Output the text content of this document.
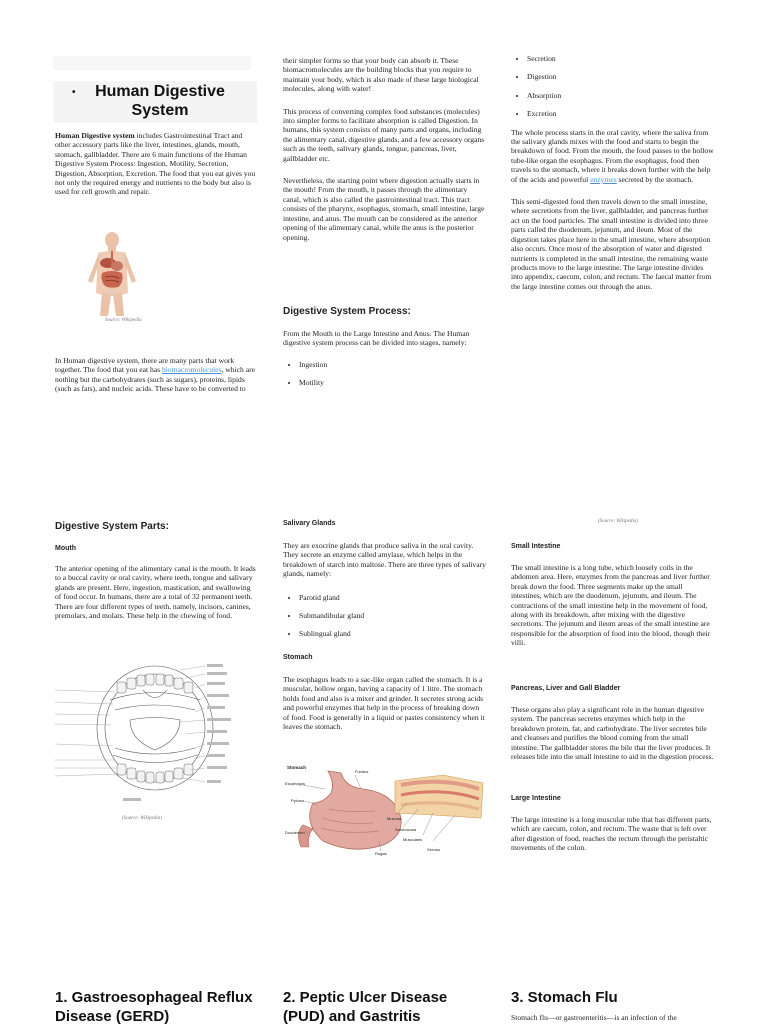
• Human Digestive System

Human Digestive system includes Gastrointestinal Tract and other accessory parts like the liver, intestines, glands, mouth, stomach, gallbladder. There are 6 main functions of the Human Digestive System Process: Ingestion, Motility, Secretion, Digestion, Absorption, Excretion. The food that you eat gives you not only the required energy and nutrients to the body but also is used for cell growth and repair.

Source: Wikipedia

In Human digestive system, there are many parts that work together. The food that you eat has biomacromolecules, which are nothing but the carbohydrates (such as sugars), proteins, lipids (such as fats), and nucleic acids. These have to be converted to

their simpler forms so that your body can absorb it. These biomacromolecules are the building blocks that you require to maintain your body, which is also made of these large biological molecules, along with water!

This process of converting complex food substances (molecules) into simpler forms to facilitate absorption is called Digestion. In humans, this system consists of many parts and organs, including the alimentary canal, digestive glands, and a few accessory organs such as the teeth, salivary glands, tongue, pancreas, liver, gallbladder etc.

Nevertheless, the starting point where digestion actually starts in the mouth! From the mouth, it passes through the alimentary canal, which is also called the gastrointestinal tract. This tract consists of the pharynx, esophagus, stomach, small intestine, large intestine, and anus. The mouth can be considered as the anterior opening of the alimentary canal, while the anus is the posterior opening.

Digestive System Process:

From the Mouth to the Large Intestine and Anus. The Human digestive system process can be divided into stages, namely:

• Ingestion
• Motility
• Secretion
• Digestion
• Absorption
• Excretion

The whole process starts in the oral cavity, where the saliva from the salivary glands mixes with the food and starts to begin the breakdown of food. From the mouth, the food passes to the hollow tube-like organ the esophagus. From the esophagus, food then travels to the stomach, where it breaks down further with the help of the acids and powerful enzymes secreted by the stomach.

This semi-digested food then travels down to the small intestine, where secretions from the liver, gallbladder, and pancreas further act on the food particles. The small intestine is divided into three parts called the duodenum, jejunum, and ileum. Most of the digestion takes place here in the small intestine, where absorption also occurs. Once most of the absorption of water and digested nutrients is completed in the small intestine, the remaining waste products move to the large intestine. The large intestine divides into appendix, caecum, colon, and rectum. The faecal matter from the large intestine comes out through the anus.

Digestive System Parts:
Mouth
The anterior opening of the alimentary canal is the mouth. It leads to a buccal cavity or oral cavity, where teeth, tongue and salivary glands are present. Here, ingestion, mastication, and swallowing of food occur. In humans, there are a total of 32 permanent teeth. There are four different types of teeth, namely, incisors, canines, premolars, and molars. These help in the chewing of food.
(Source: Wikipedia)
Salivary Glands

They are exocrine glands that produce saliva in the oral cavity. They secrete an enzyme called amylase, which helps in the breakdown of starch into maltose. There are three types of salivary glands, namely:

• Parotid gland
• Submandibular gland
• Sublingual gland
Stomach
The esophagus leads to a sac-like organ called the stomach. It is a muscular, hollow organ, having a capacity of 1 litre. The stomach holds food and also is a mixer and grinder. It secretes strong acids and powerful enzymes that help in the process of breaking down of food. Food is generally in a liquid or pastes consistency when it leaves the stomach.
Stomach
Fundus
Esophagus
Pylorus
Duodenum
Rugae
Mucosa
Submucosa
Muscularis
Serosa
(Source: Wikipedia)
Small Intestine
The small intestine is a long tube, which loosely coils in the abdomen area. Here, enzymes from the pancreas and liver further break down the food. Three segments make up the small intestines, which are the duodenum, jejunum, and ileum. The contractions of the small intestine help in the movement of food, along with its breakdown, after mixing with the digestive secretions. The jejunum and ileum areas of the small intestine are responsible for the absorption of food into the blood, though their villi.
Pancreas, Liver and Gall Bladder
These organs also play a significant role in the human digestive system. The pancreas secretes enzymes which help in the breakdown protein, fat, and carbohydrate. The liver secretes bile and cleanses and purifies the blood coming from the small intestine. The gallbladder stores the bile that the liver produces. It releases bile into the small intestine to aid in the digestion process.
Large Intestine
The large intestine is a long muscular tube that has different parts, which are caecum, colon, and rectum. The waste that is left over after digestion of food, reaches the rectum through the peristaltic movements of the colon.
1. Gastroesophageal Reflux Disease (GERD)
2. Peptic Ulcer Disease (PUD) and Gastritis
3. Stomach Flu
Stomach flu—or gastroenteritis—is an infection of the
